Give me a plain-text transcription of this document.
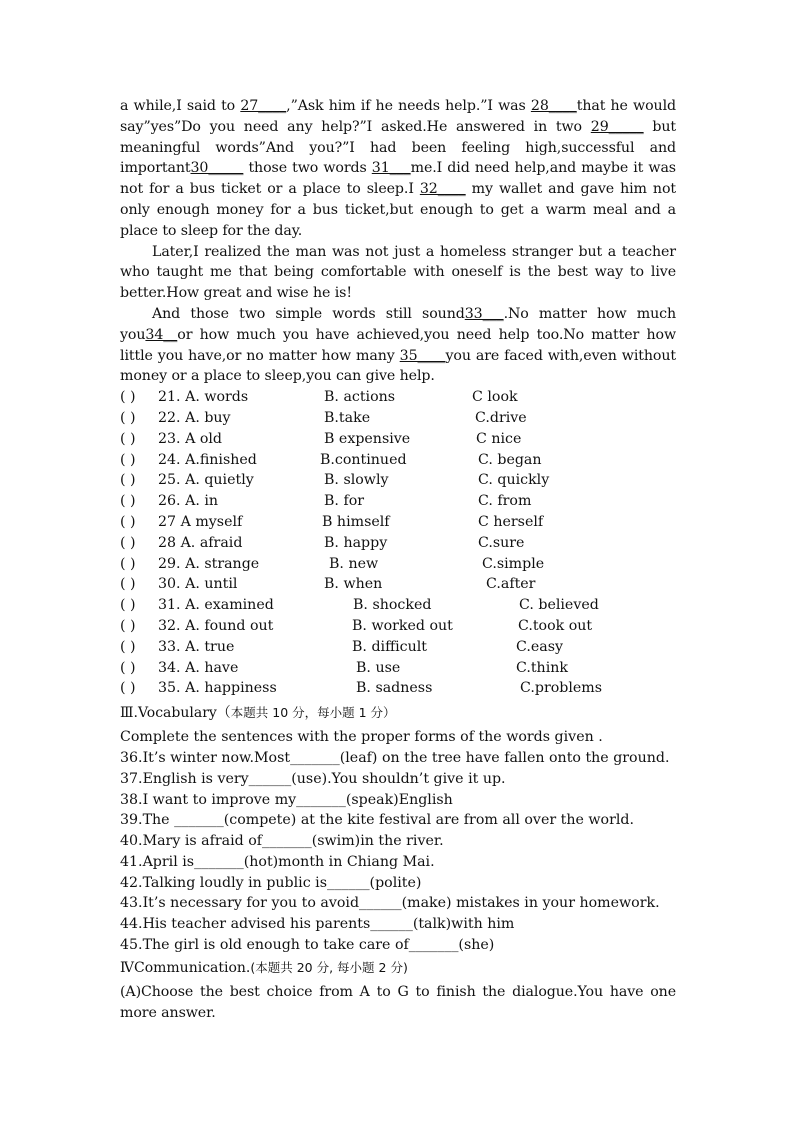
a while,I said to 27____,”Ask him if he needs help.”I was 28____that he would say”yes”Do you need any help?”I asked.He answered in two 29_____ but meaningful words”And you?”I had been feeling high,successful and important30_____ those two words 31___me.I did need help,and maybe it was not for a bus ticket or a place to sleep.I 32____ my wallet and gave him not only enough money for a bus ticket,but enough to get a warm meal and a place to sleep for the day.

Later,I realized the man was not just a homeless stranger but a teacher who taught me that being comfortable with oneself is the best way to live better.How great and wise he is!

And those two simple words still sound33___.No matter how much you34__or how much you have achieved,you need help too.No matter how little you have,or no matter how many 35____you are faced with,even without money or a place to sleep,you can give help.

( ) 21. A. words	B. actions	C look
( ) 22. A. buy	B.take	C.drive
( ) 23. A old	B expensive	C nice
( ) 24. A.finished	B.continued	C. began
( ) 25. A. quietly	B. slowly	C. quickly
( ) 26. A. in	B. for	C. from
( ) 27 A myself	B himself	C herself
( ) 28 A. afraid	B. happy	C.sure
( ) 29. A. strange	B. new	C.simple
( ) 30. A. until	B. when	C.after
( ) 31. A. examined	B. shocked	C. believed
( ) 32. A. found out	B. worked out	C.took out
( ) 33. A. true	B. difficult	C.easy
( ) 34. A. have	B. use	C.think
( ) 35. A. happiness	B. sadness	C.problems
Ⅲ.Vocabulary（本题共 10 分，每小题 1 分）

Complete the sentences with the proper forms of the words given .

36.It’s winter now.Most_______(leaf) on the tree have fallen onto the ground.

37.English is very______(use).You shouldn’t give it up.

38.I want to improve my_______(speak)English

39.The _______(compete) at the kite festival are from all over the world.

40.Mary is afraid of_______(swim)in the river.

41.April is_______(hot)month in Chiang Mai.

42.Talking loudly in public is______(polite)

43.It’s necessary for you to avoid______(make) mistakes in your homework.

44.His teacher advised his parents______(talk)with him

45.The girl is old enough to take care of_______(she)

ⅣCommunication.(本题共 20 分, 每小题 2 分)

(A)Choose the best choice from A to G to finish the dialogue.You have one more answer.
